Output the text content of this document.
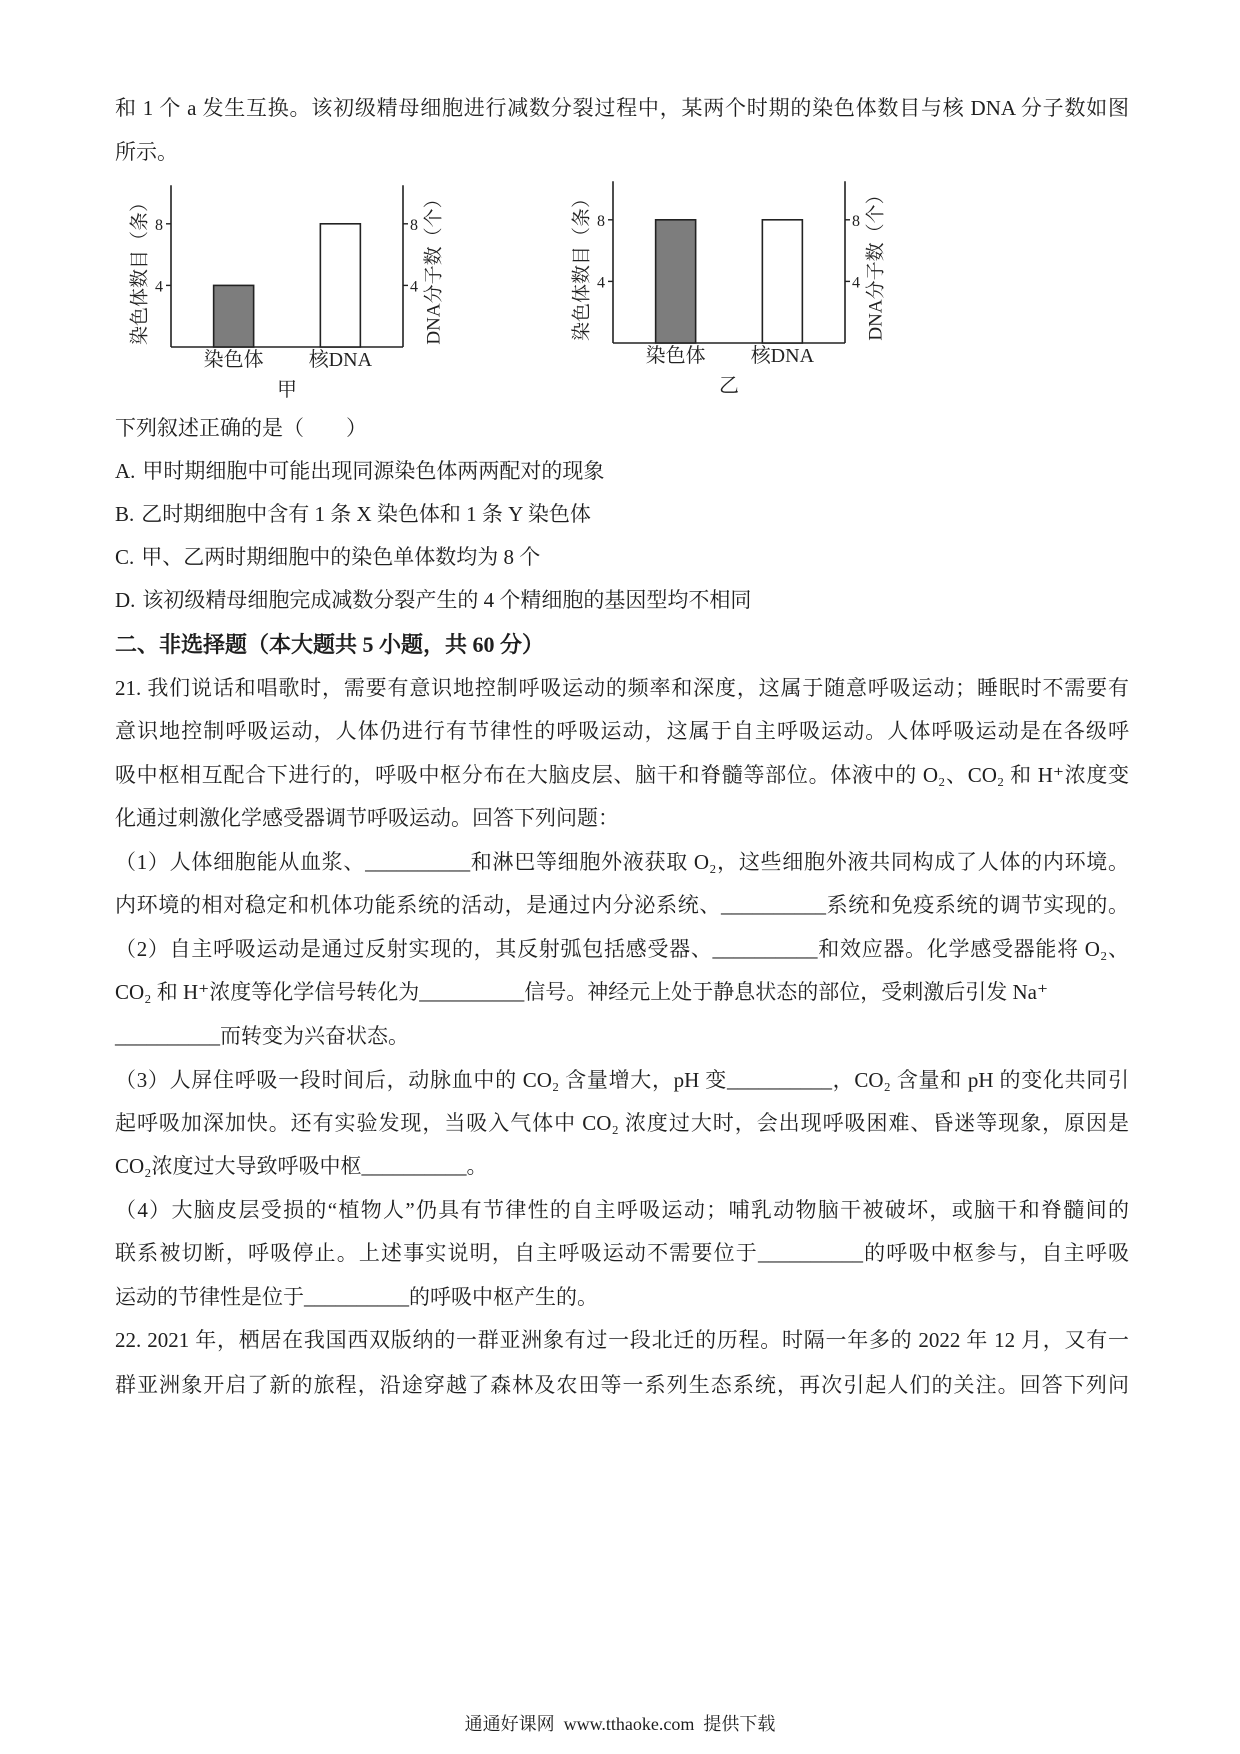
和 1 个 a 发生互换。该初级精母细胞进行减数分裂过程中，某两个时期的染色体数目与核 DNA 分子数如图
所示。
染色体 核DNA
4
8
4
8
染色体数目（条）	DNA分子数（个）
甲
染色体 核DNA
4
8
4
8
染色体数目（条）	DNA分子数（个）
乙
下列叙述正确的是（　　）
A. 甲时期细胞中可能出现同源染色体两两配对的现象
B. 乙时期细胞中含有 1 条 X 染色体和 1 条 Y 染色体
C. 甲、乙两时期细胞中的染色单体数均为 8 个
D. 该初级精母细胞完成减数分裂产生的 4 个精细胞的基因型均不相同
二、非选择题（本大题共 5 小题，共 60 分）
21. 我们说话和唱歌时，需要有意识地控制呼吸运动的频率和深度，这属于随意呼吸运动；睡眠时不需要有
意识地控制呼吸运动，人体仍进行有节律性的呼吸运动，这属于自主呼吸运动。人体呼吸运动是在各级呼
吸中枢相互配合下进行的，呼吸中枢分布在大脑皮层、脑干和脊髓等部位。体液中的 O₂、CO₂ 和 H⁺浓度变
化通过刺激化学感受器调节呼吸运动。回答下列问题：
（1）人体细胞能从血浆、__________和淋巴等细胞外液获取 O₂，这些细胞外液共同构成了人体的内环境。
内环境的相对稳定和机体功能系统的活动，是通过内分泌系统、__________系统和免疫系统的调节实现的。
（2）自主呼吸运动是通过反射实现的，其反射弧包括感受器、__________和效应器。化学感受器能将 O₂、
CO₂ 和 H⁺浓度等化学信号转化为__________信号。神经元上处于静息状态的部位，受刺激后引发 Na⁺
__________而转变为兴奋状态。
（3）人屏住呼吸一段时间后，动脉血中的 CO₂ 含量增大，pH 变__________，CO₂ 含量和 pH 的变化共同引
起呼吸加深加快。还有实验发现，当吸入气体中 CO₂ 浓度过大时，会出现呼吸困难、昏迷等现象，原因是
CO₂浓度过大导致呼吸中枢__________。
（4）大脑皮层受损的“植物人”仍具有节律性的自主呼吸运动；哺乳动物脑干被破坏，或脑干和脊髓间的
联系被切断，呼吸停止。上述事实说明，自主呼吸运动不需要位于__________的呼吸中枢参与，自主呼吸
运动的节律性是位于__________的呼吸中枢产生的。
22. 2021 年，栖居在我国西双版纳的一群亚洲象有过一段北迁的历程。时隔一年多的 2022 年 12 月，又有一
群亚洲象开启了新的旅程，沿途穿越了森林及农田等一系列生态系统，再次引起人们的关注。回答下列问
通通好课网  www.tthaoke.com  提供下载
